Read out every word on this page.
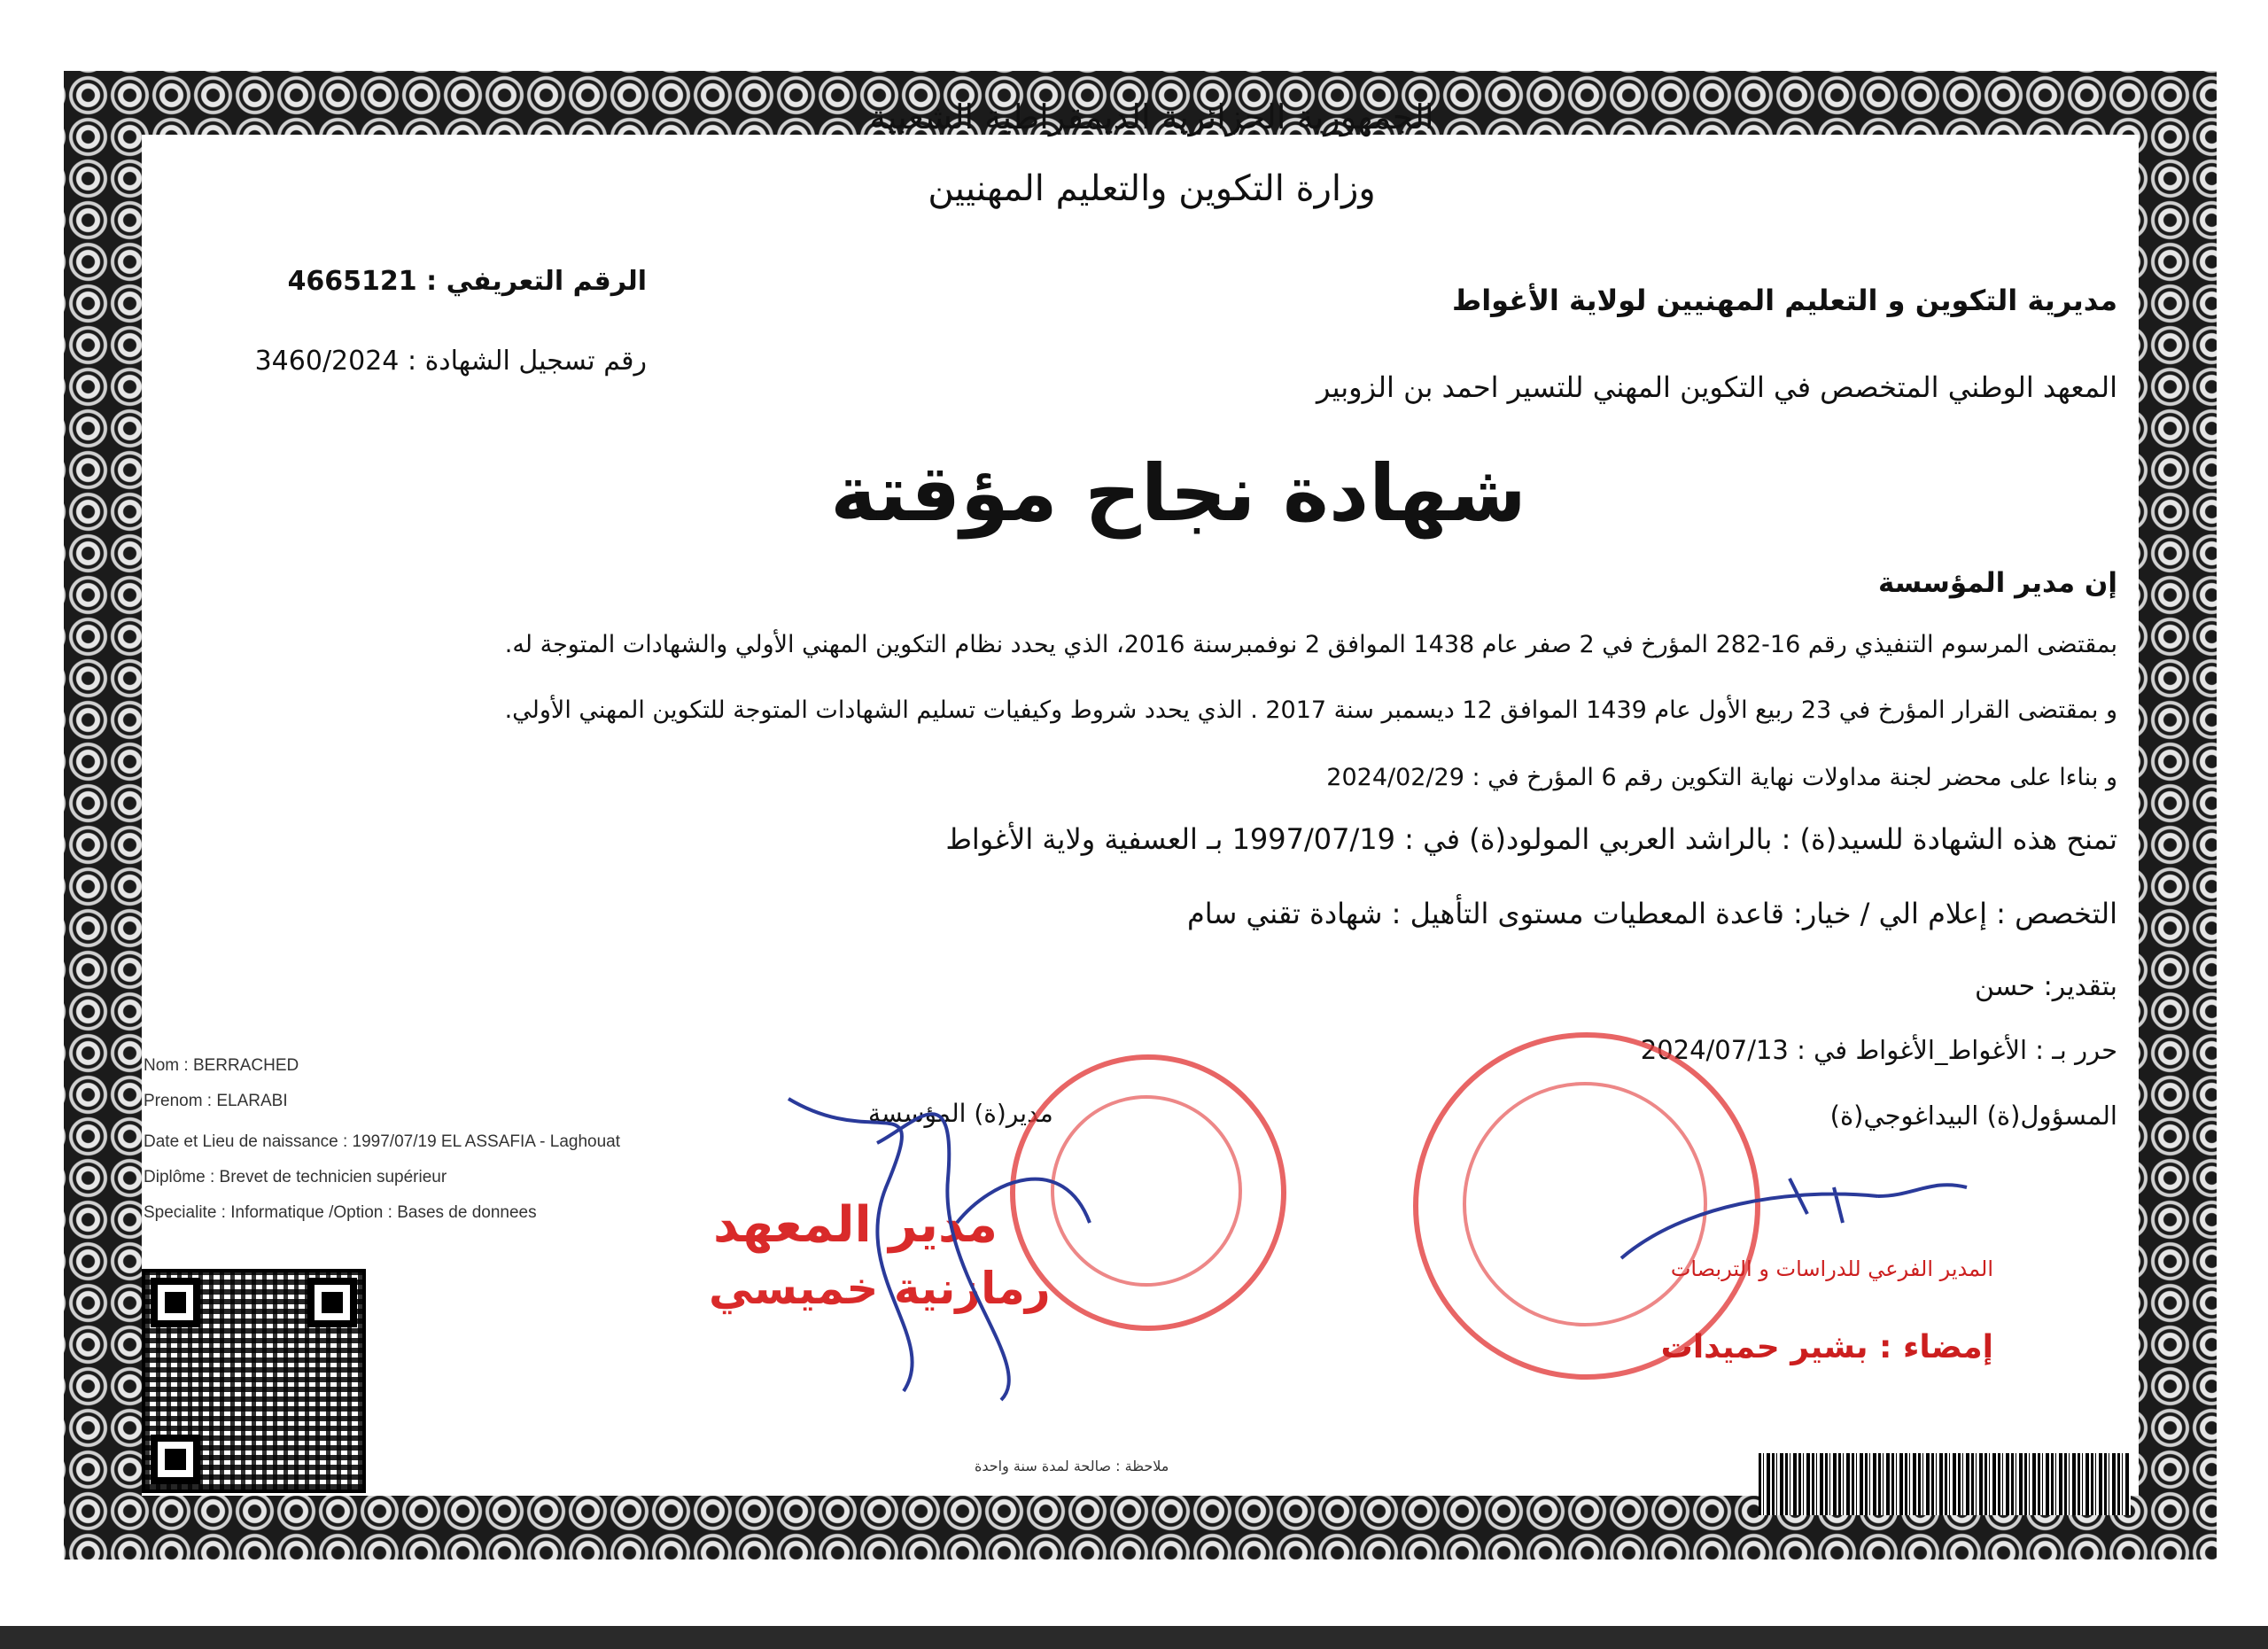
الجمهورية الجزائرية الديمقراطية الشعبية
وزارة التكوين والتعليم المهنيين
الرقم التعريفي : 4665121
رقم تسجيل الشهادة : 3460/2024
مديرية التكوين و التعليم المهنيين لولاية الأغواط
المعهد الوطني المتخصص في التكوين المهني للتسير احمد بن الزوبير
شهادة نجاح مؤقتة
إن مدير المؤسسة
بمقتضى المرسوم التنفيذي رقم 16-282 المؤرخ في 2 صفر عام 1438 الموافق 2 نوفمبرسنة 2016، الذي يحدد نظام التكوين المهني الأولي والشهادات المتوجة له.
و بمقتضى القرار المؤرخ في 23 ربيع الأول عام 1439 الموافق 12 ديسمبر سنة 2017 . الذي يحدد شروط وكيفيات تسليم الشهادات المتوجة للتكوين المهني الأولي.
و بناءا على محضر لجنة مداولات نهاية التكوين رقم 6 المؤرخ في : 2024/02/29
تمنح هذه الشهادة للسيد(ة) : بالراشد العربي المولود(ة) في : 1997/07/19 بـ العسفية ولاية الأغواط
التخصص : إعلام الي / خيار: قاعدة المعطيات مستوى التأهيل : شهادة تقني سام
بتقدير: حسن
حرر بـ : الأغواط_الأغواط في : 2024/07/13
المسؤول(ة) البيداغوجي(ة)
مدير(ة) المؤسسة
Nom : BERRACHED
Prenom : ELARABI
Date et Lieu de naissance : 1997/07/19 EL ASSAFIA - Laghouat
Diplôme : Brevet de technicien supérieur
Specialite : Informatique /Option : Bases de donnees	مدير المعهد
رمازنية خميسي	المدير الفرعي للدراسات و التربصات
إمضاء : بشير حميدات
ملاحظة : صالحة لمدة سنة واحدة
